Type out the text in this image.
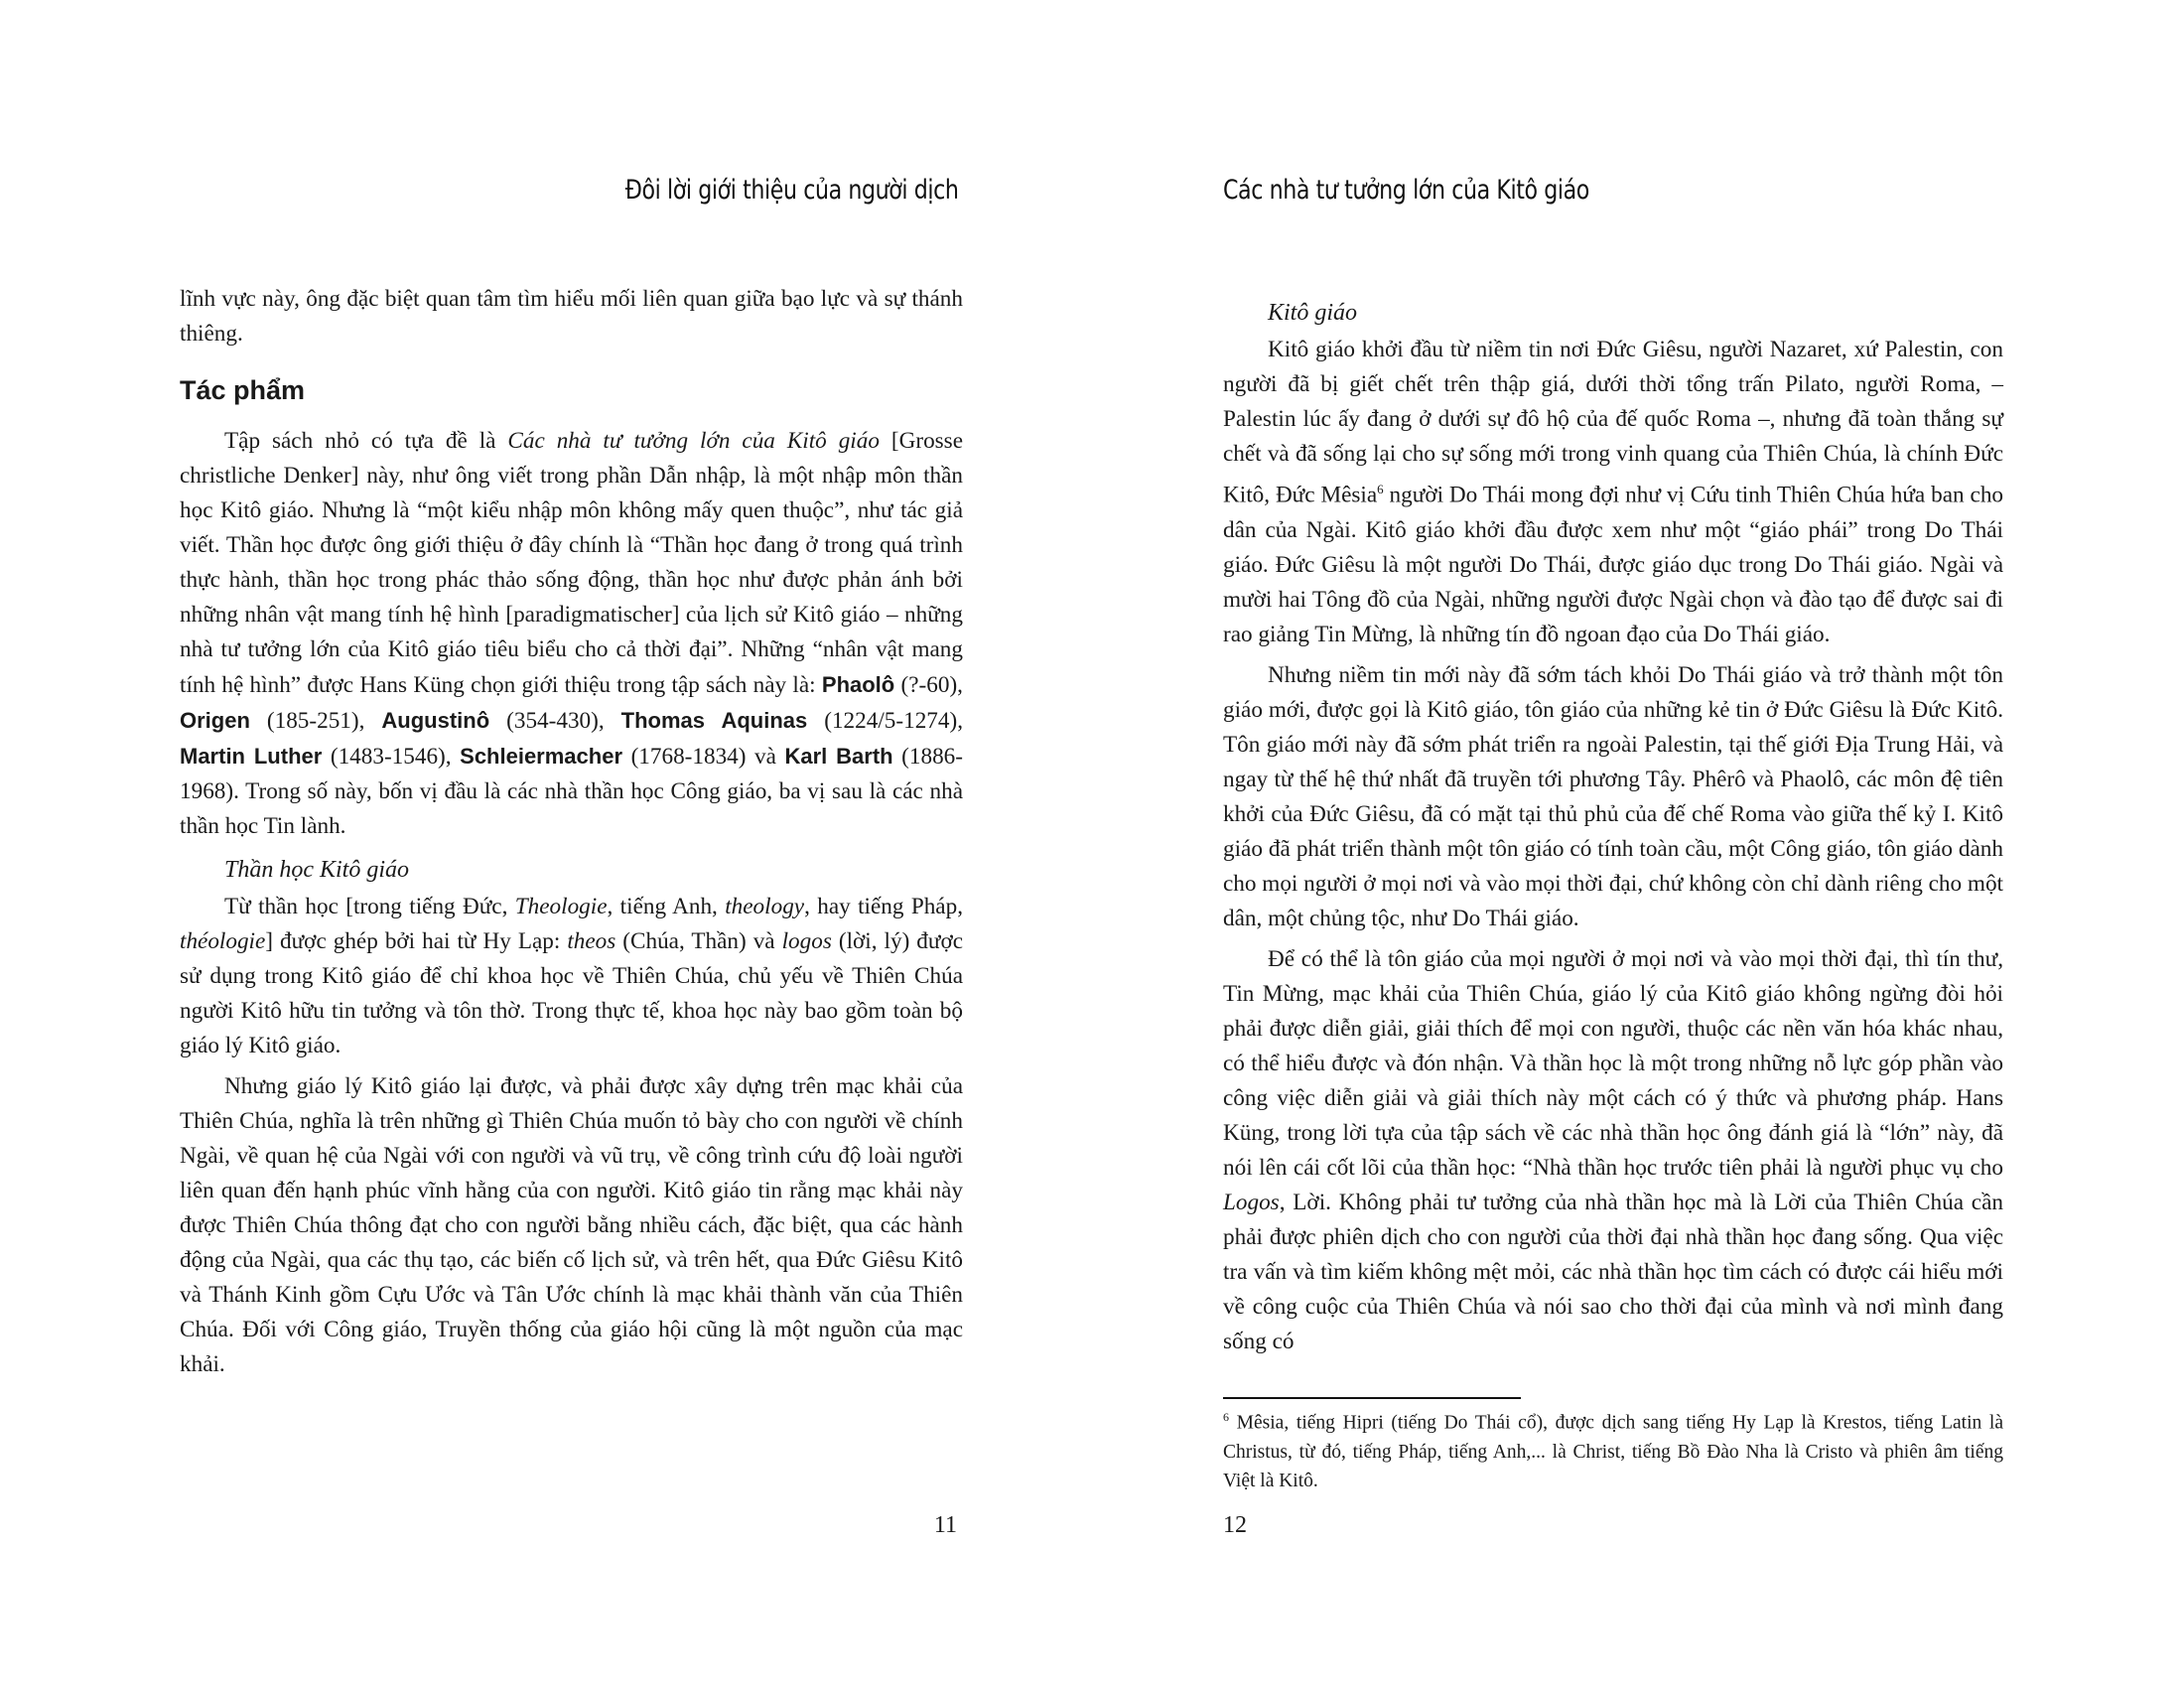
Đôi lời giới thiệu của người dịch

lĩnh vực này, ông đặc biệt quan tâm tìm hiểu mối liên quan giữa bạo lực và sự thánh thiêng.

Tác phẩm

Tập sách nhỏ có tựa đề là Các nhà tư tưởng lớn của Kitô giáo [Grosse christliche Denker] này, như ông viết trong phần Dẫn nhập, là một nhập môn thần học Kitô giáo. Nhưng là “một kiểu nhập môn không mấy quen thuộc”, như tác giả viết. Thần học được ông giới thiệu ở đây chính là “Thần học đang ở trong quá trình thực hành, thần học trong phác thảo sống động, thần học như được phản ánh bởi những nhân vật mang tính hệ hình [paradigmatischer] của lịch sử Kitô giáo – những nhà tư tưởng lớn của Kitô giáo tiêu biểu cho cả thời đại”. Những “nhân vật mang tính hệ hình” được Hans Küng chọn giới thiệu trong tập sách này là: Phaolô (?-60), Origen (185-251), Augustinô (354-430), Thomas Aquinas (1224/5-1274), Martin Luther (1483-1546), Schleiermacher (1768-1834) và Karl Barth (1886-1968). Trong số này, bốn vị đầu là các nhà thần học Công giáo, ba vị sau là các nhà thần học Tin lành.

Thần học Kitô giáo

Từ thần học [trong tiếng Đức, Theologie, tiếng Anh, theology, hay tiếng Pháp, théologie] được ghép bởi hai từ Hy Lạp: theos (Chúa, Thần) và logos (lời, lý) được sử dụng trong Kitô giáo để chỉ khoa học về Thiên Chúa, chủ yếu về Thiên Chúa người Kitô hữu tin tưởng và tôn thờ. Trong thực tế, khoa học này bao gồm toàn bộ giáo lý Kitô giáo.

Nhưng giáo lý Kitô giáo lại được, và phải được xây dựng trên mạc khải của Thiên Chúa, nghĩa là trên những gì Thiên Chúa muốn tỏ bày cho con người về chính Ngài, về quan hệ của Ngài với con người và vũ trụ, về công trình cứu độ loài người liên quan đến hạnh phúc vĩnh hằng của con người. Kitô giáo tin rằng mạc khải này được Thiên Chúa thông đạt cho con người bằng nhiều cách, đặc biệt, qua các hành động của Ngài, qua các thụ tạo, các biến cố lịch sử, và trên hết, qua Đức Giêsu Kitô và Thánh Kinh gồm Cựu Ước và Tân Ước chính là mạc khải thành văn của Thiên Chúa. Đối với Công giáo, Truyền thống của giáo hội cũng là một nguồn của mạc khải.

11
Các nhà tư tưởng lớn của Kitô giáo
Kitô giáo

Kitô giáo khởi đầu từ niềm tin nơi Đức Giêsu, người Nazaret, xứ Palestin, con người đã bị giết chết trên thập giá, dưới thời tổng trấn Pilato, người Roma, – Palestin lúc ấy đang ở dưới sự đô hộ của đế quốc Roma –, nhưng đã toàn thắng sự chết và đã sống lại cho sự sống mới trong vinh quang của Thiên Chúa, là chính Đức Kitô, Đức Mêsia$^6$ người Do Thái mong đợi như vị Cứu tinh Thiên Chúa hứa ban cho dân của Ngài. Kitô giáo khởi đầu được xem như một “giáo phái” trong Do Thái giáo. Đức Giêsu là một người Do Thái, được giáo dục trong Do Thái giáo. Ngài và mười hai Tông đồ của Ngài, những người được Ngài chọn và đào tạo để được sai đi rao giảng Tin Mừng, là những tín đồ ngoan đạo của Do Thái giáo.

Nhưng niềm tin mới này đã sớm tách khỏi Do Thái giáo và trở thành một tôn giáo mới, được gọi là Kitô giáo, tôn giáo của những kẻ tin ở Đức Giêsu là Đức Kitô. Tôn giáo mới này đã sớm phát triển ra ngoài Palestin, tại thế giới Địa Trung Hải, và ngay từ thế hệ thứ nhất đã truyền tới phương Tây. Phêrô và Phaolô, các môn đệ tiên khởi của Đức Giêsu, đã có mặt tại thủ phủ của đế chế Roma vào giữa thế kỷ I. Kitô giáo đã phát triển thành một tôn giáo có tính toàn cầu, một Công giáo, tôn giáo dành cho mọi người ở mọi nơi và vào mọi thời đại, chứ không còn chỉ dành riêng cho một dân, một chủng tộc, như Do Thái giáo.

Để có thể là tôn giáo của mọi người ở mọi nơi và vào mọi thời đại, thì tín thư, Tin Mừng, mạc khải của Thiên Chúa, giáo lý của Kitô giáo không ngừng đòi hỏi phải được diễn giải, giải thích để mọi con người, thuộc các nền văn hóa khác nhau, có thể hiểu được và đón nhận. Và thần học là một trong những nỗ lực góp phần vào công việc diễn giải và giải thích này một cách có ý thức và phương pháp. Hans Küng, trong lời tựa của tập sách về các nhà thần học ông đánh giá là “lớn” này, đã nói lên cái cốt lõi của thần học: “Nhà thần học trước tiên phải là người phục vụ cho Logos, Lời. Không phải tư tưởng của nhà thần học mà là Lời của Thiên Chúa cần phải được phiên dịch cho con người của thời đại nhà thần học đang sống. Qua việc tra vấn và tìm kiếm không mệt mỏi, các nhà thần học tìm cách có được cái hiểu mới về công cuộc của Thiên Chúa và nói sao cho thời đại của mình và nơi mình đang sống có

$^6$ Mêsia, tiếng Hipri (tiếng Do Thái cổ), được dịch sang tiếng Hy Lạp là Krestos, tiếng Latin là Christus, từ đó, tiếng Pháp, tiếng Anh,... là Christ, tiếng Bồ Đào Nha là Cristo và phiên âm tiếng Việt là Kitô.
12
